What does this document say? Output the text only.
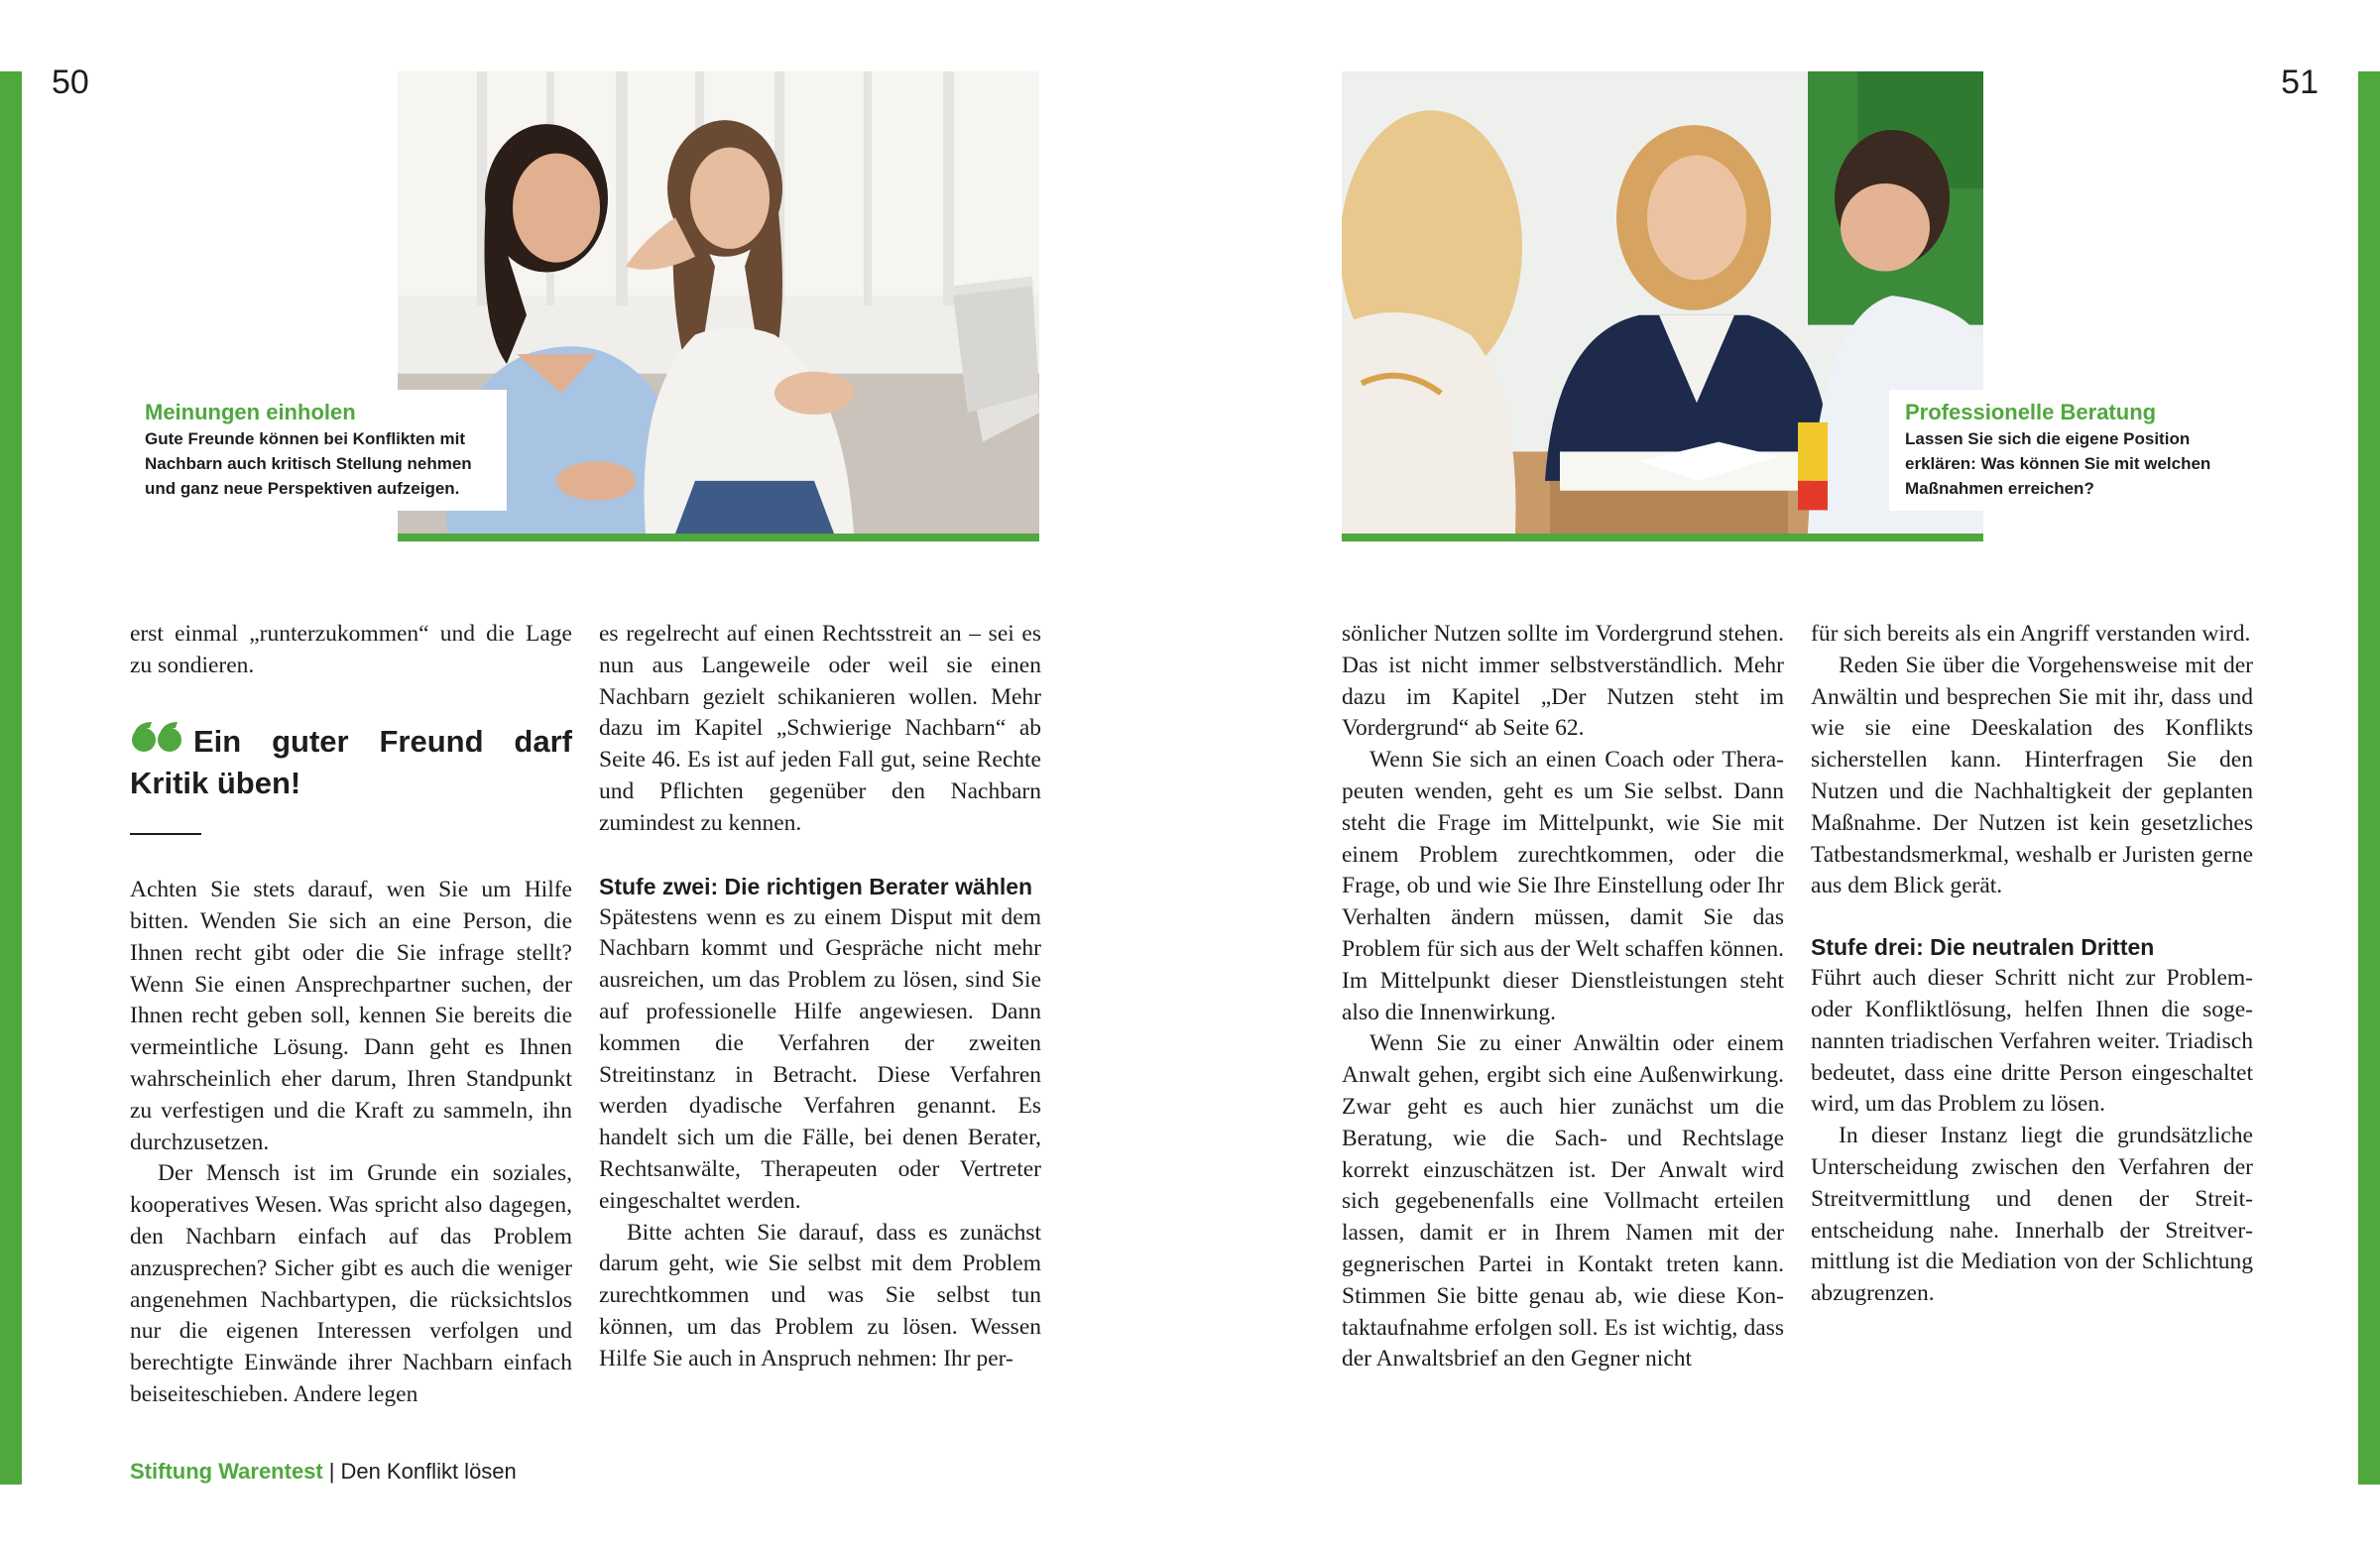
50	51
Meinungen einholen
Gute Freunde können bei Konflikten mit Nachbarn auch kritisch Stellung nehmen und ganz neue Perspektiven aufzeigen.
Professionelle Beratung
Lassen Sie sich die eigene Position erklären: Was können Sie mit welchen Maßnahmen erreichen?

erst einmal „runterzukommen“ und die Lage zu sondieren.

Ein guter Freund darf Kritik üben!

Achten Sie stets darauf, wen Sie um Hilfe bitten. Wenden Sie sich an eine Person, die Ihnen recht gibt oder die Sie infrage stellt? Wenn Sie einen Ansprechpartner suchen, der Ihnen recht geben soll, kennen Sie bereits die vermeintliche Lösung. Dann geht es Ihnen wahrscheinlich eher darum, Ihren Standpunkt zu verfestigen und die Kraft zu sammeln, ihn durchzusetzen.

Der Mensch ist im Grunde ein soziales, kooperatives Wesen. Was spricht also dagegen, den Nachbarn einfach auf das Problem anzusprechen? Sicher gibt es auch die weniger angenehmen Nachbartypen, die rücksichtslos nur die eigenen Interessen verfolgen und berechtigte Einwände ihrer Nachbarn einfach beiseiteschieben. Andere legen

es regelrecht auf einen Rechtsstreit an – sei es nun aus Langeweile oder weil sie einen Nachbarn gezielt schikanieren wollen. Mehr dazu im Kapitel „Schwierige Nachbarn“ ab Seite 46. Es ist auf jeden Fall gut, seine Rechte und Pflichten gegenüber den Nachbarn zumindest zu kennen.

Stufe zwei: Die richtigen Berater wählen

Spätestens wenn es zu einem Disput mit dem Nachbarn kommt und Gespräche nicht mehr ausreichen, um das Problem zu lösen, sind Sie auf professionelle Hilfe angewiesen. Dann kommen die Verfahren der zweiten Streitinstanz in Betracht. Diese Verfahren werden dyadische Verfahren genannt. Es handelt sich um die Fälle, bei denen Berater, Rechtsanwälte, Therapeuten oder Vertreter eingeschaltet werden.

Bitte achten Sie darauf, dass es zunächst darum geht, wie Sie selbst mit dem Problem zurechtkommen und was Sie selbst tun können, um das Problem zu lösen. Wessen Hilfe Sie auch in Anspruch nehmen: Ihr per-

sönlicher Nutzen sollte im Vordergrund stehen. Das ist nicht immer selbstverständlich. Mehr dazu im Kapitel „Der Nutzen steht im Vordergrund“ ab Seite 62.

Wenn Sie sich an einen Coach oder Therapeuten wenden, geht es um Sie selbst. Dann steht die Frage im Mittelpunkt, wie Sie mit einem Problem zurechtkommen, oder die Frage, ob und wie Sie Ihre Einstellung oder Ihr Verhalten ändern müssen, damit Sie das Problem für sich aus der Welt schaffen können. Im Mittelpunkt dieser Dienstleistungen steht also die Innenwirkung.

Wenn Sie zu einer Anwältin oder einem Anwalt gehen, ergibt sich eine Außenwirkung. Zwar geht es auch hier zunächst um die Beratung, wie die Sach- und Rechtslage korrekt einzuschätzen ist. Der Anwalt wird sich gegebenenfalls eine Vollmacht erteilen lassen, damit er in Ihrem Namen mit der gegnerischen Partei in Kontakt treten kann. Stimmen Sie bitte genau ab, wie diese Kontaktaufnahme erfolgen soll. Es ist wichtig, dass der Anwaltsbrief an den Gegner nicht

für sich bereits als ein Angriff verstanden wird.

Reden Sie über die Vorgehensweise mit der Anwältin und besprechen Sie mit ihr, dass und wie sie eine Deeskalation des Konflikts sicherstellen kann. Hinterfragen Sie den Nutzen und die Nachhaltigkeit der geplanten Maßnahme. Der Nutzen ist kein gesetzliches Tatbestandsmerkmal, weshalb er Juristen gerne aus dem Blick gerät.

Stufe drei: Die neutralen Dritten

Führt auch dieser Schritt nicht zur Problem- oder Konfliktlösung, helfen Ihnen die sogenannten triadischen Verfahren weiter. Triadisch bedeutet, dass eine dritte Person eingeschaltet wird, um das Problem zu lösen.

In dieser Instanz liegt die grundsätzliche Unterscheidung zwischen den Verfahren der Streitvermittlung und denen der Streitentscheidung nahe. Innerhalb der Streitvermittlung ist die Mediation von der Schlichtung abzugrenzen.

Stiftung Warentest | Den Konflikt lösen
